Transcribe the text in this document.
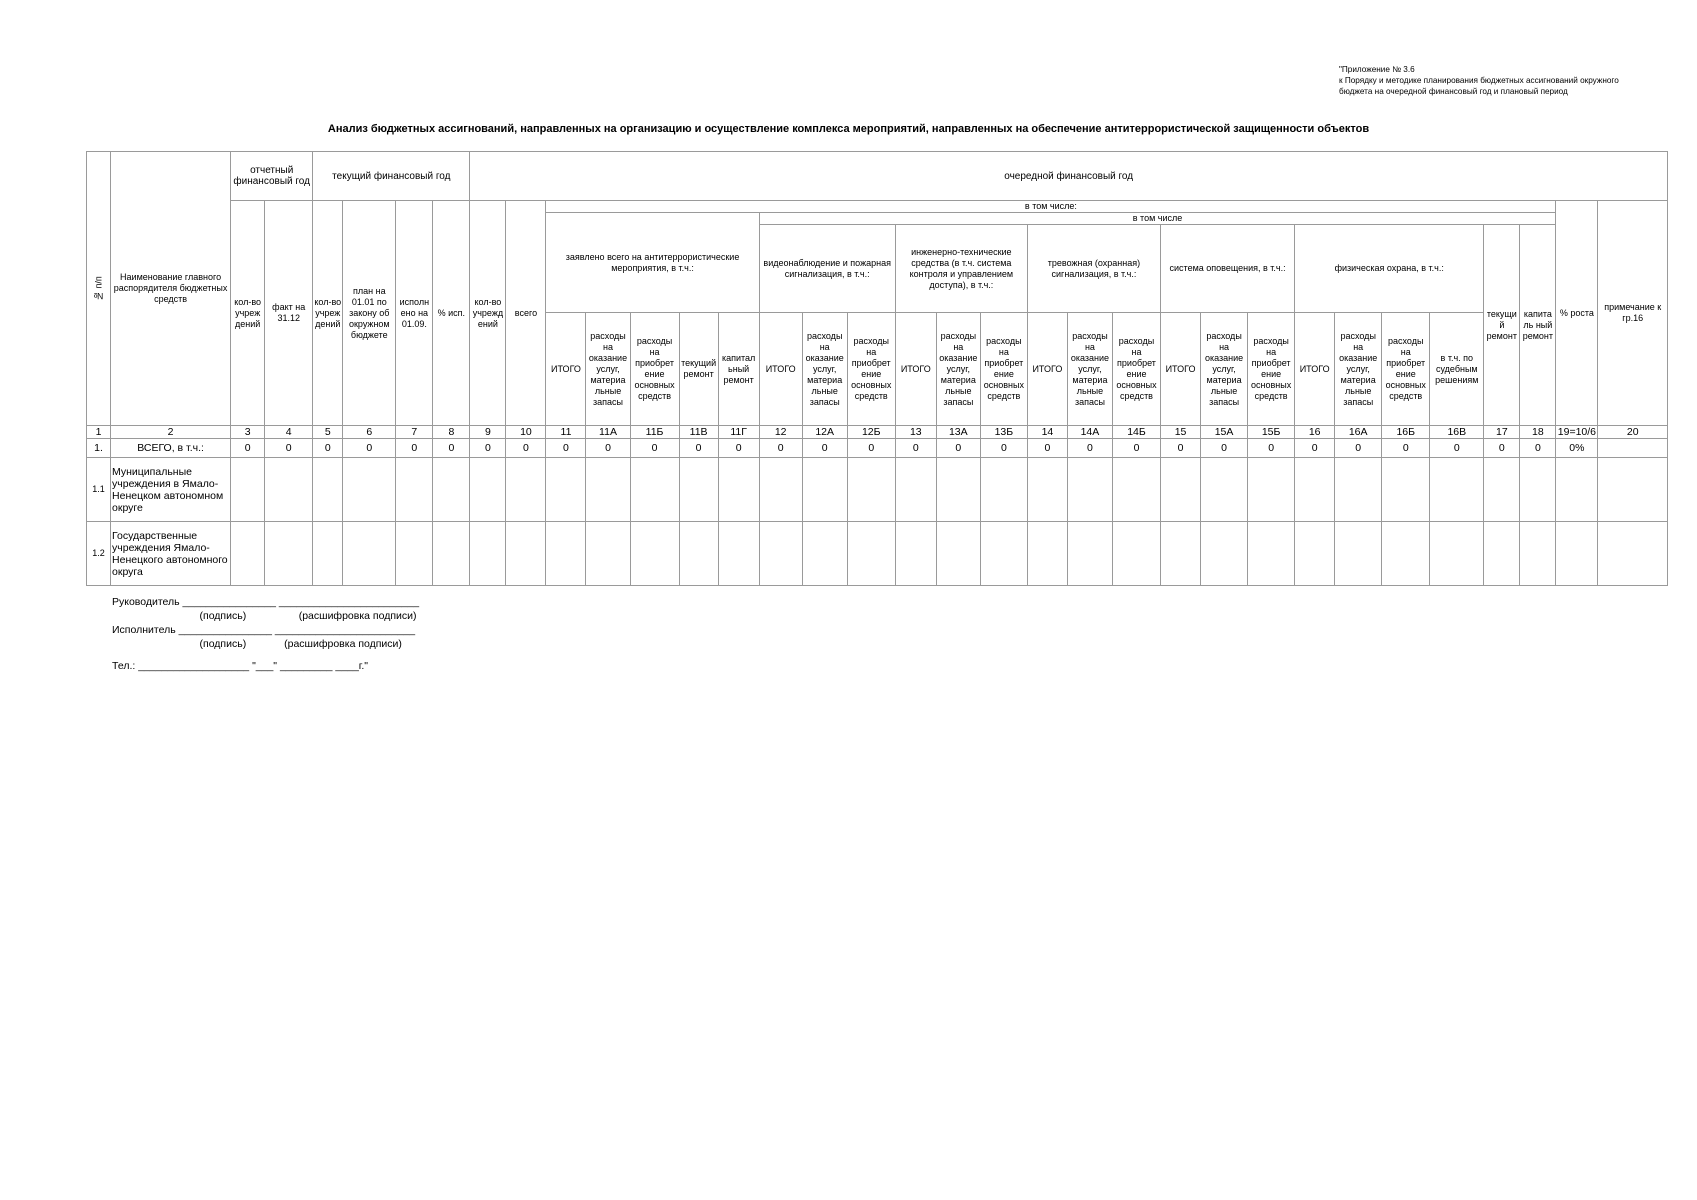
"Приложение № 3.6
к Порядку и методике планирования бюджетных ассигнований окружного
бюджета на очередной финансовый год и плановый период
Анализ бюджетных ассигнований, направленных на организацию и осуществление комплекса мероприятий, направленных на обеспечение антитеррористической защищенности объектов
№ п/п	Наименование главного распорядителя бюджетных средств	отчетный финансовый год		текущий финансовый год				очередной финансовый год																										
		кол-во учреж дений	факт на 31.12	кол-во учреж дений	план на 01.01 по закону об окружном бюджете	исполн ено на 01.09.	% исп.	кол-во учрежд ений	всего	в том числе:																							% роста	примечание к гр.16
										заявлено всего на антитеррористические мероприятия, в т.ч.:					в том числе																			
															видеонаблюдение и пожарная сигнализация, в т.ч.:			инженерно-технические средства (в т.ч. система контроля и управлением доступа), в т.ч.:			тревожная (охранная) сигнализация, в т.ч.:			система оповещения, в т.ч.:			физическая охрана, в т.ч.:				текущий ремонт	капиталь ный ремонт		
										ИТОГО	расходы на оказание услуг, материа льные запасы	расходы на приобрет ение основных средств	текущий ремонт	капитал ьный ремонт	ИТОГО	расходы на оказание услуг, материа льные запасы	расходы на приобрет ение основных средств	ИТОГО	расходы на оказание услуг, материа льные запасы	расходы на приобрет ение основных средств	ИТОГО	расходы на оказание услуг, материа льные запасы	расходы на приобрет ение основных средств	ИТОГО	расходы на оказание услуг, материа льные запасы	расходы на приобрет ение основных средств	ИТОГО	расходы на оказание услуг, материа льные запасы	расходы на приобрет ение основных средств	в т.ч. по судебным решениям				
1	2	3	4	5	6	7	8	9	10	11	11А	11Б	11В	11Г	12	12А	12Б	13	13А	13Б	14	14А	14Б	15	15А	15Б	16	16А	16Б	16В	17	18	19=10/6	20
1.	ВСЕГО, в т.ч.:	0	0	0	0	0	0	0	0	0	0	0	0	0	0	0	0	0	0	0	0	0	0	0	0	0	0	0	0	0	0	0	0%	
1.1	Муниципальные учреждения в Ямало-Ненецком автономном округе																																	
1.2	Государственные учреждения Ямало-Ненецкого автономного округа																																	
Руководитель ________________ ________________________
(подпись)                  (расшифровка подписи)
Исполнитель ________________ ________________________
(подпись)             (расшифровка подписи)
Тел.: ___________________ "___" _________ ____г."
